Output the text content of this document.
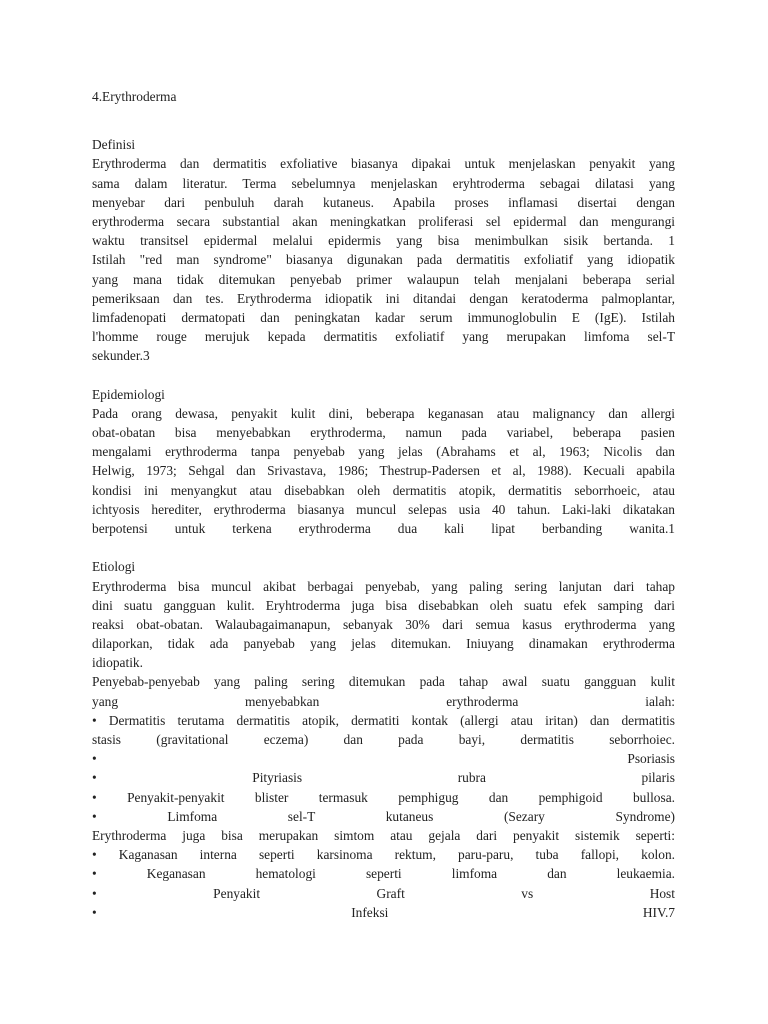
4.Erythroderma
Definisi
Erythroderma dan dermatitis exfoliative biasanya dipakai untuk menjelaskan penyakit yang
sama dalam literatur. Terma sebelumnya menjelaskan eryhtroderma sebagai dilatasi yang
menyebar dari penbuluh darah kutaneus. Apabila proses inflamasi disertai dengan
erythroderma secara substantial akan meningkatkan proliferasi sel epidermal dan mengurangi
waktu transitsel epidermal melalui epidermis yang bisa menimbulkan sisik bertanda. 1
Istilah "red man syndrome" biasanya digunakan pada dermatitis exfoliatif yang idiopatik
yang mana tidak ditemukan penyebab primer walaupun telah menjalani beberapa serial
pemeriksaan dan tes. Erythroderma idiopatik ini ditandai dengan keratoderma palmoplantar,
limfadenopati dermatopati dan peningkatan kadar serum immunoglobulin E (IgE). Istilah
l'homme rouge merujuk kepada dermatitis exfoliatif yang merupakan limfoma sel-T
sekunder.3
Epidemiologi
Pada orang dewasa, penyakit kulit dini, beberapa keganasan atau malignancy dan allergi
obat-obatan bisa menyebabkan erythroderma, namun pada variabel, beberapa pasien
mengalami erythroderma tanpa penyebab yang jelas (Abrahams et al, 1963; Nicolis dan
Helwig, 1973; Sehgal dan Srivastava, 1986; Thestrup-Padersen et al, 1988). Kecuali apabila
kondisi ini menyangkut atau disebabkan oleh dermatitis atopik, dermatitis seborrhoeic, atau
ichtyosis herediter, erythroderma biasanya muncul selepas usia 40 tahun. Laki-laki dikatakan
berpotensi untuk terkena erythroderma dua kali lipat berbanding wanita.1
Etiologi
Erythroderma bisa muncul akibat berbagai penyebab, yang paling sering lanjutan dari tahap
dini suatu gangguan kulit. Eryhtroderma juga bisa disebabkan oleh suatu efek samping dari
reaksi obat-obatan. Walaubagaimanapun, sebanyak 30% dari semua kasus erythroderma yang
dilaporkan, tidak ada panyebab yang jelas ditemukan. Iniuyang dinamakan erythroderma
idiopatik.
Penyebab-penyebab yang paling sering ditemukan pada tahap awal suatu gangguan kulit
yang menyebabkan erythroderma ialah:
• Dermatitis terutama dermatitis atopik, dermatiti kontak (allergi atau iritan) dan dermatitis
stasis (gravitational eczema) dan pada bayi, dermatitis seborrhoiec.
• Psoriasis
• Pityriasis rubra pilaris
• Penyakit-penyakit blister termasuk pemphigug dan pemphigoid bullosa.
• Limfoma sel-T kutaneus (Sezary Syndrome)
Erythroderma juga bisa merupakan simtom atau gejala dari penyakit sistemik seperti:
• Kaganasan interna seperti karsinoma rektum, paru-paru, tuba fallopi, kolon.
• Keganasan hematologi seperti limfoma dan leukaemia.
• Penyakit Graft vs Host
• Infeksi HIV.7
